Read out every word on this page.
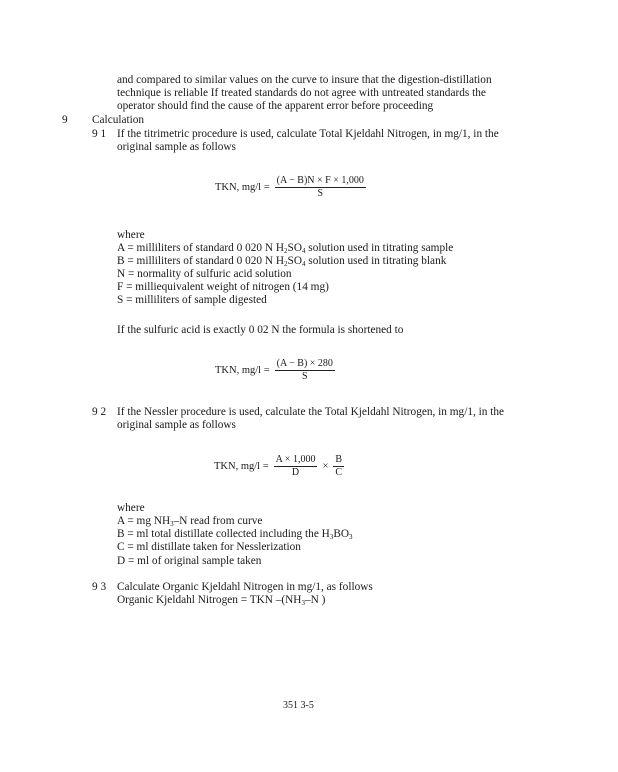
and compared to similar values on the curve to insure that the digestion-distillation
technique is reliable If treated standards do not agree with untreated standards the
operator should find the cause of the apparent error before proceeding
9 Calculation
9 1 If the titrimetric procedure is used, calculate Total Kjeldahl Nitrogen, in mg/1, in the
original sample as follows
TKN, $mg/l = \frac{(A - B)N \times F \times 1,000}{S}$
where
A = milliliters of standard 0 020 N $H_2SO_4$ solution used in titrating sample
B = milliliters of standard 0 020 N $H_2SO_4$ solution used in titrating blank
N = normality of sulfuric acid solution
F = milliequivalent weight of nitrogen (14 mg)
S = milliliters of sample digested
If the sulfuric acid is exactly 0 02 N the formula is shortened to
TKN, $mg/l = \frac{(A - B) \times 280}{S}$
9 2 If the Nessler procedure is used, calculate the Total Kjeldahl Nitrogen, in mg/1, in the
original sample as follows
TKN, $mg/l = \frac{A \times 1,000}{D} \times \frac{B}{C}$
where
A = mg $NH_3-N$ read from curve
B = ml total distillate collected including the $H_3BO_3$
C = ml distillate taken for Nesslerization
D = ml of original sample taken
9 3 Calculate Organic Kjeldahl Nitrogen in mg/1, as follows
Organic Kjeldahl Nitrogen = TKN $-(NH_3-N$ )
351 3-5
